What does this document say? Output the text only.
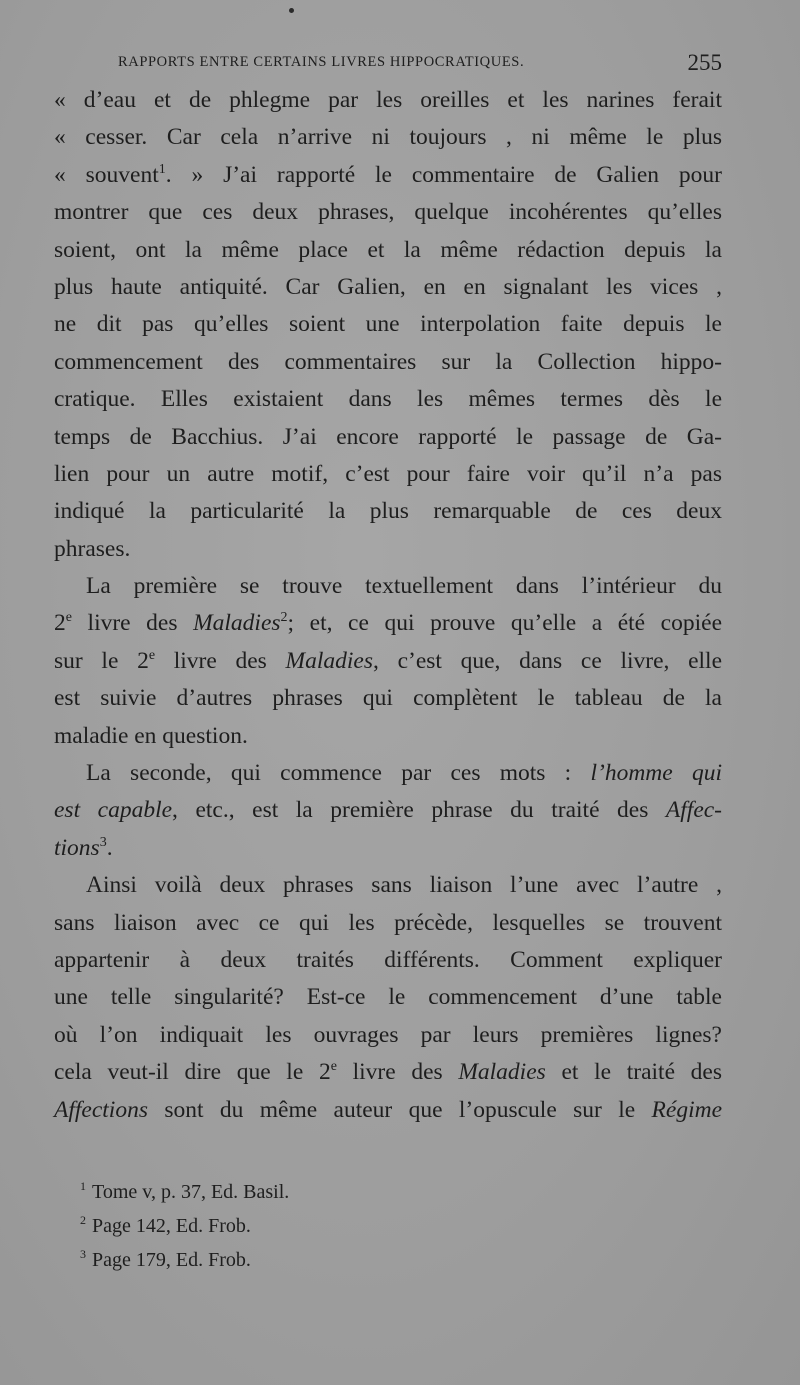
RAPPORTS ENTRE CERTAINS LIVRES HIPPOCRATIQUES.	255
« d’eau et de phlegme par les oreilles et les narines ferait
« cesser. Car cela n’arrive ni toujours , ni même le plus
« souvent$^1$. » J’ai rapporté le commentaire de Galien pour
montrer que ces deux phrases, quelque incohérentes qu’elles
soient, ont la même place et la même rédaction depuis la
plus haute antiquité. Car Galien, en en signalant les vices ,
ne dit pas qu’elles soient une interpolation faite depuis le
commencement des commentaires sur la Collection hippo-
cratique. Elles existaient dans les mêmes termes dès le
temps de Bacchius. J’ai encore rapporté le passage de Ga-
lien pour un autre motif, c’est pour faire voir qu’il n’a pas
indiqué la particularité la plus remarquable de ces deux
phrases.
La première se trouve textuellement dans l’intérieur du
2e livre des Maladies$^2$; et, ce qui prouve qu’elle a été copiée
sur le 2e livre des Maladies, c’est que, dans ce livre, elle
est suivie d’autres phrases qui complètent le tableau de la
maladie en question.
La seconde, qui commence par ces mots : l’homme qui
est capable, etc., est la première phrase du traité des Affec-
tions$^3$.
Ainsi voilà deux phrases sans liaison l’une avec l’autre ,
sans liaison avec ce qui les précède, lesquelles se trouvent
appartenir à deux traités différents. Comment expliquer
une telle singularité? Est-ce le commencement d’une table
où l’on indiquait les ouvrages par leurs premières lignes?
cela veut-il dire que le 2e livre des Maladies et le traité des
Affections sont du même auteur que l’opuscule sur le Régime
$^1$ Tome v, p. 37, Ed. Basil.
$^2$ Page 142, Ed. Frob.
$^3$ Page 179, Ed. Frob.
